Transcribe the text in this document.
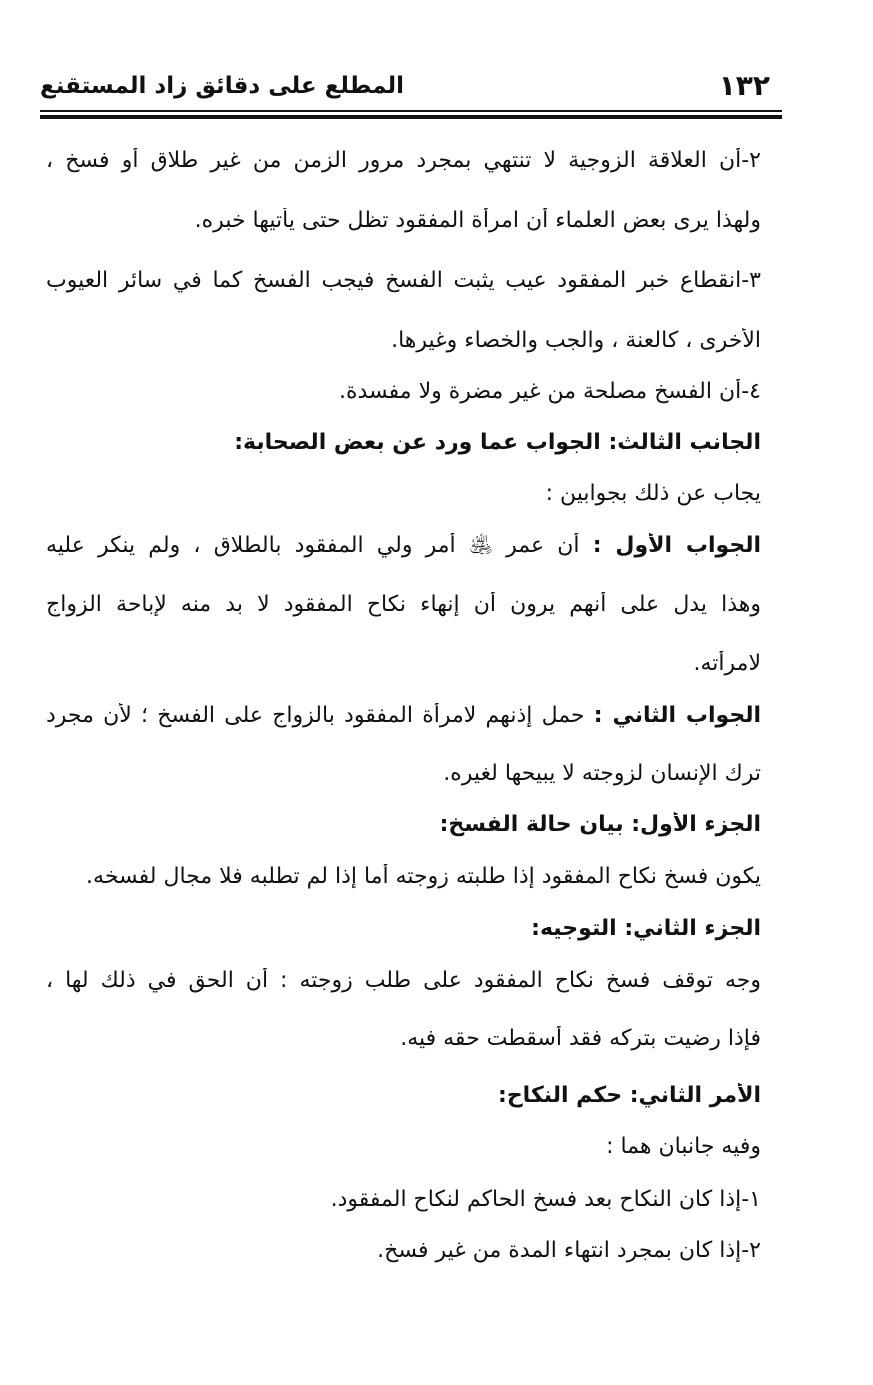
١٣٢
المطلع على دقائق زاد المستقنع
٢-أن العلاقة الزوجية لا تنتهي بمجرد مرور الزمن من غير طلاق أو فسخ ،
ولهذا يرى بعض العلماء أن امرأة المفقود تظل حتى يأتيها خبره.
٣-انقطاع خبر المفقود عيب يثبت الفسخ فيجب الفسخ كما في سائر العيوب
الأخرى ، كالعنة ، والجب والخصاء وغيرها.
٤-أن الفسخ مصلحة من غير مضرة ولا مفسدة.
الجانب الثالث: الجواب عما ورد عن بعض الصحابة:
يجاب عن ذلك بجوابين :
الجواب الأول : أن عمر ﵁ أمر ولي المفقود بالطلاق ، ولم ينكر عليه
وهذا يدل على أنهم يرون أن إنهاء نكاح المفقود لا بد منه لإباحة الزواج
لامرأته.
الجواب الثاني : حمل إذنهم لامرأة المفقود بالزواج على الفسخ ؛ لأن مجرد
ترك الإنسان لزوجته لا يبيحها لغيره.
الجزء الأول: بيان حالة الفسخ:
يكون فسخ نكاح المفقود إذا طلبته زوجته أما إذا لم تطلبه فلا مجال لفسخه.
الجزء الثاني: التوجيه:
وجه توقف فسخ نكاح المفقود على طلب زوجته : أن الحق في ذلك لها ،
فإذا رضيت بتركه فقد أسقطت حقه فيه.
الأمر الثاني: حكم النكاح:
وفيه جانبان هما :
١-إذا كان النكاح بعد فسخ الحاكم لنكاح المفقود.
٢-إذا كان بمجرد انتهاء المدة من غير فسخ.
